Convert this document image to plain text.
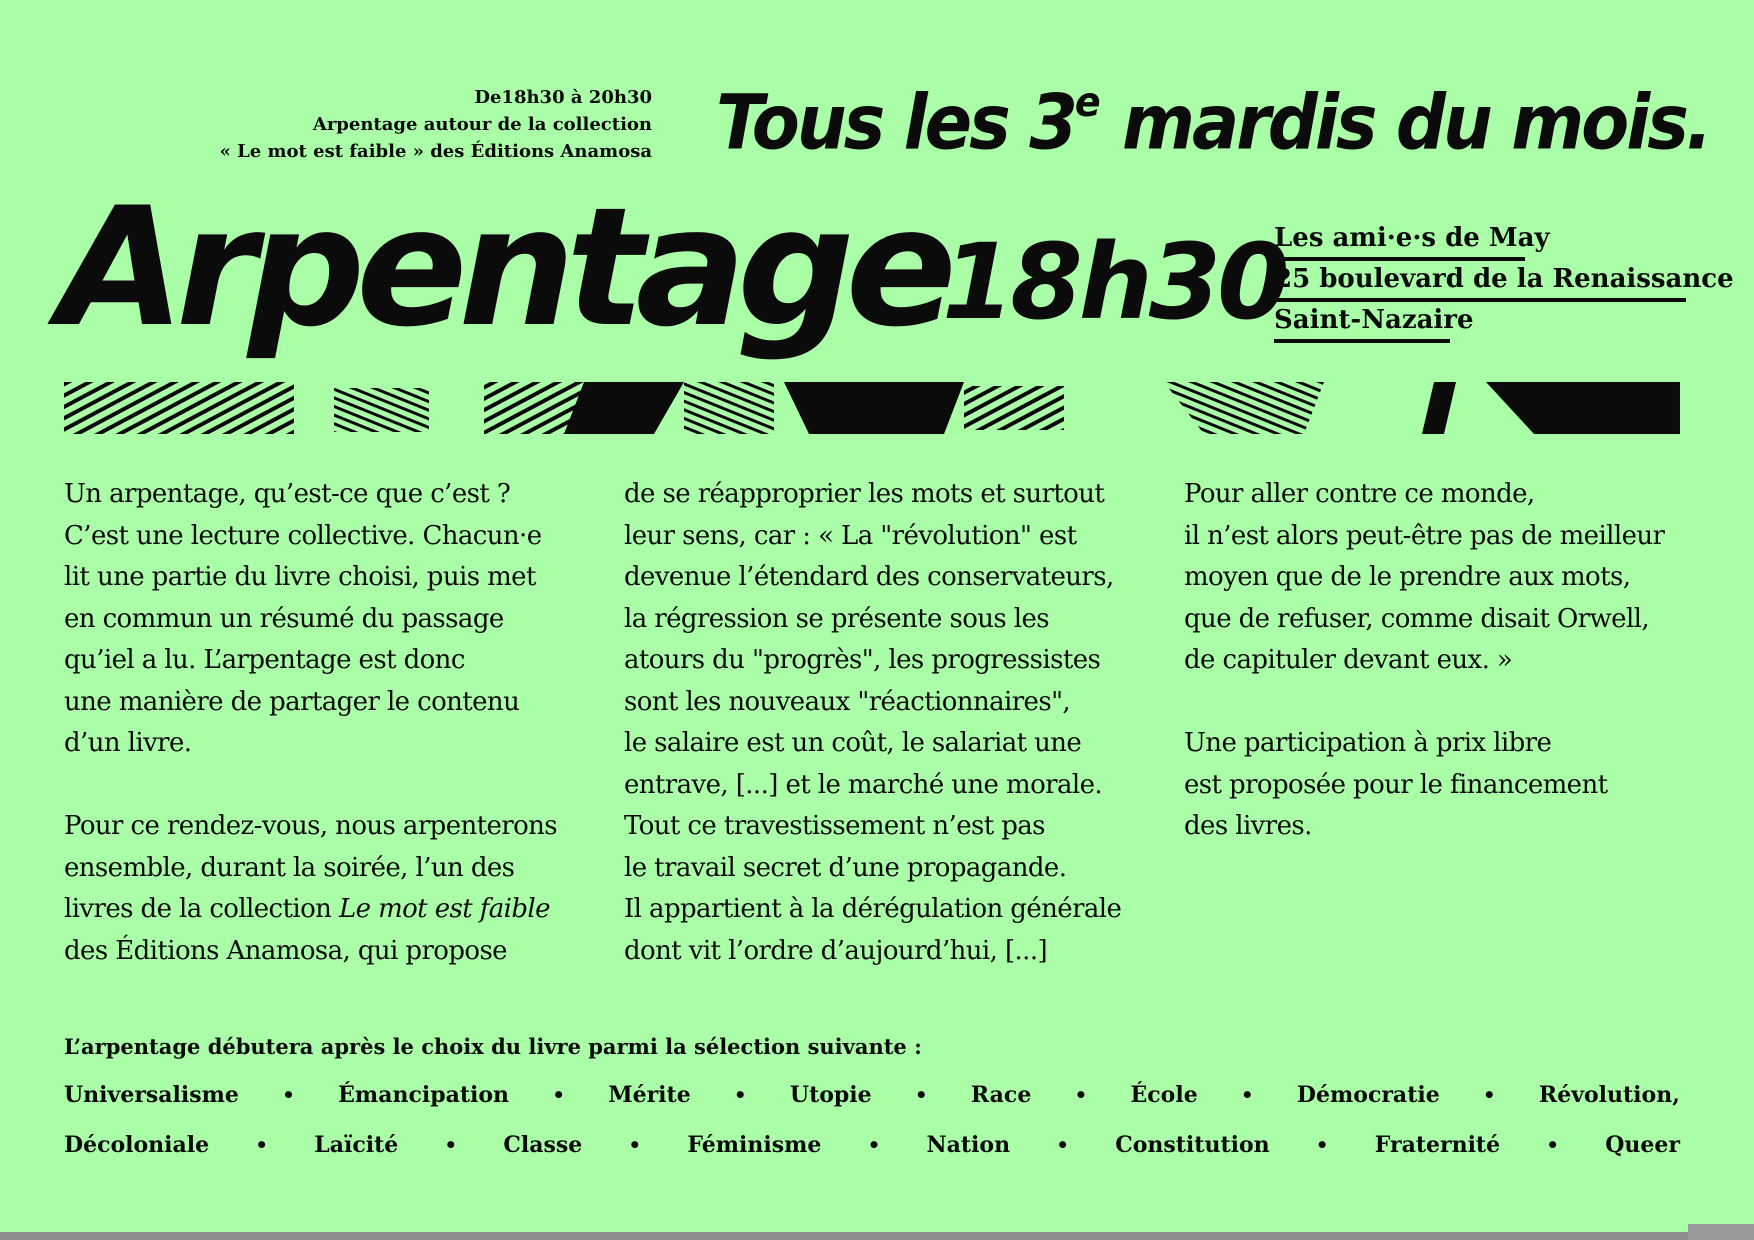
De18h30 à 20h30
Arpentage autour de la collection
« Le mot est faible » des Éditions Anamosa Tous les 3e mardis du mois.
Arpentage
18h30
Les ami·e·s de May
25 boulevard de la Renaissance
Saint-Nazaire

Un arpentage, qu’est-ce que c’est ?
C’est une lecture collective. Chacun·e
lit une partie du livre choisi, puis met
en commun un résumé du passage
qu’iel a lu. L’arpentage est donc
une manière de partager le contenu
d’un livre.

Pour ce rendez-vous, nous arpenterons
ensemble, durant la soirée, l’un des
livres de la collection Le mot est faible
des Éditions Anamosa, qui propose

de se réapproprier les mots et surtout
leur sens, car : « La "révolution" est
devenue l’étendard des conservateurs,
la régression se présente sous les
atours du "progrès", les progressistes
sont les nouveaux "réactionnaires",
le salaire est un coût, le salariat une
entrave, [...] et le marché une morale.
Tout ce travestissement n’est pas
le travail secret d’une propagande.
Il appartient à la dérégulation générale
dont vit l’ordre d’aujourd’hui, [...]

Pour aller contre ce monde,
il n’est alors peut-être pas de meilleur
moyen que de le prendre aux mots,
que de refuser, comme disait Orwell,
de capituler devant eux. »

Une participation à prix libre
est proposée pour le financement
des livres.

L’arpentage débutera après le choix du livre parmi la sélection suivante :
Universalisme • Émancipation • Mérite • Utopie • Race • École • Démocratie • Révolution,
Décoloniale • Laïcité • Classe • Féminisme • Nation • Constitution • Fraternité • Queer
